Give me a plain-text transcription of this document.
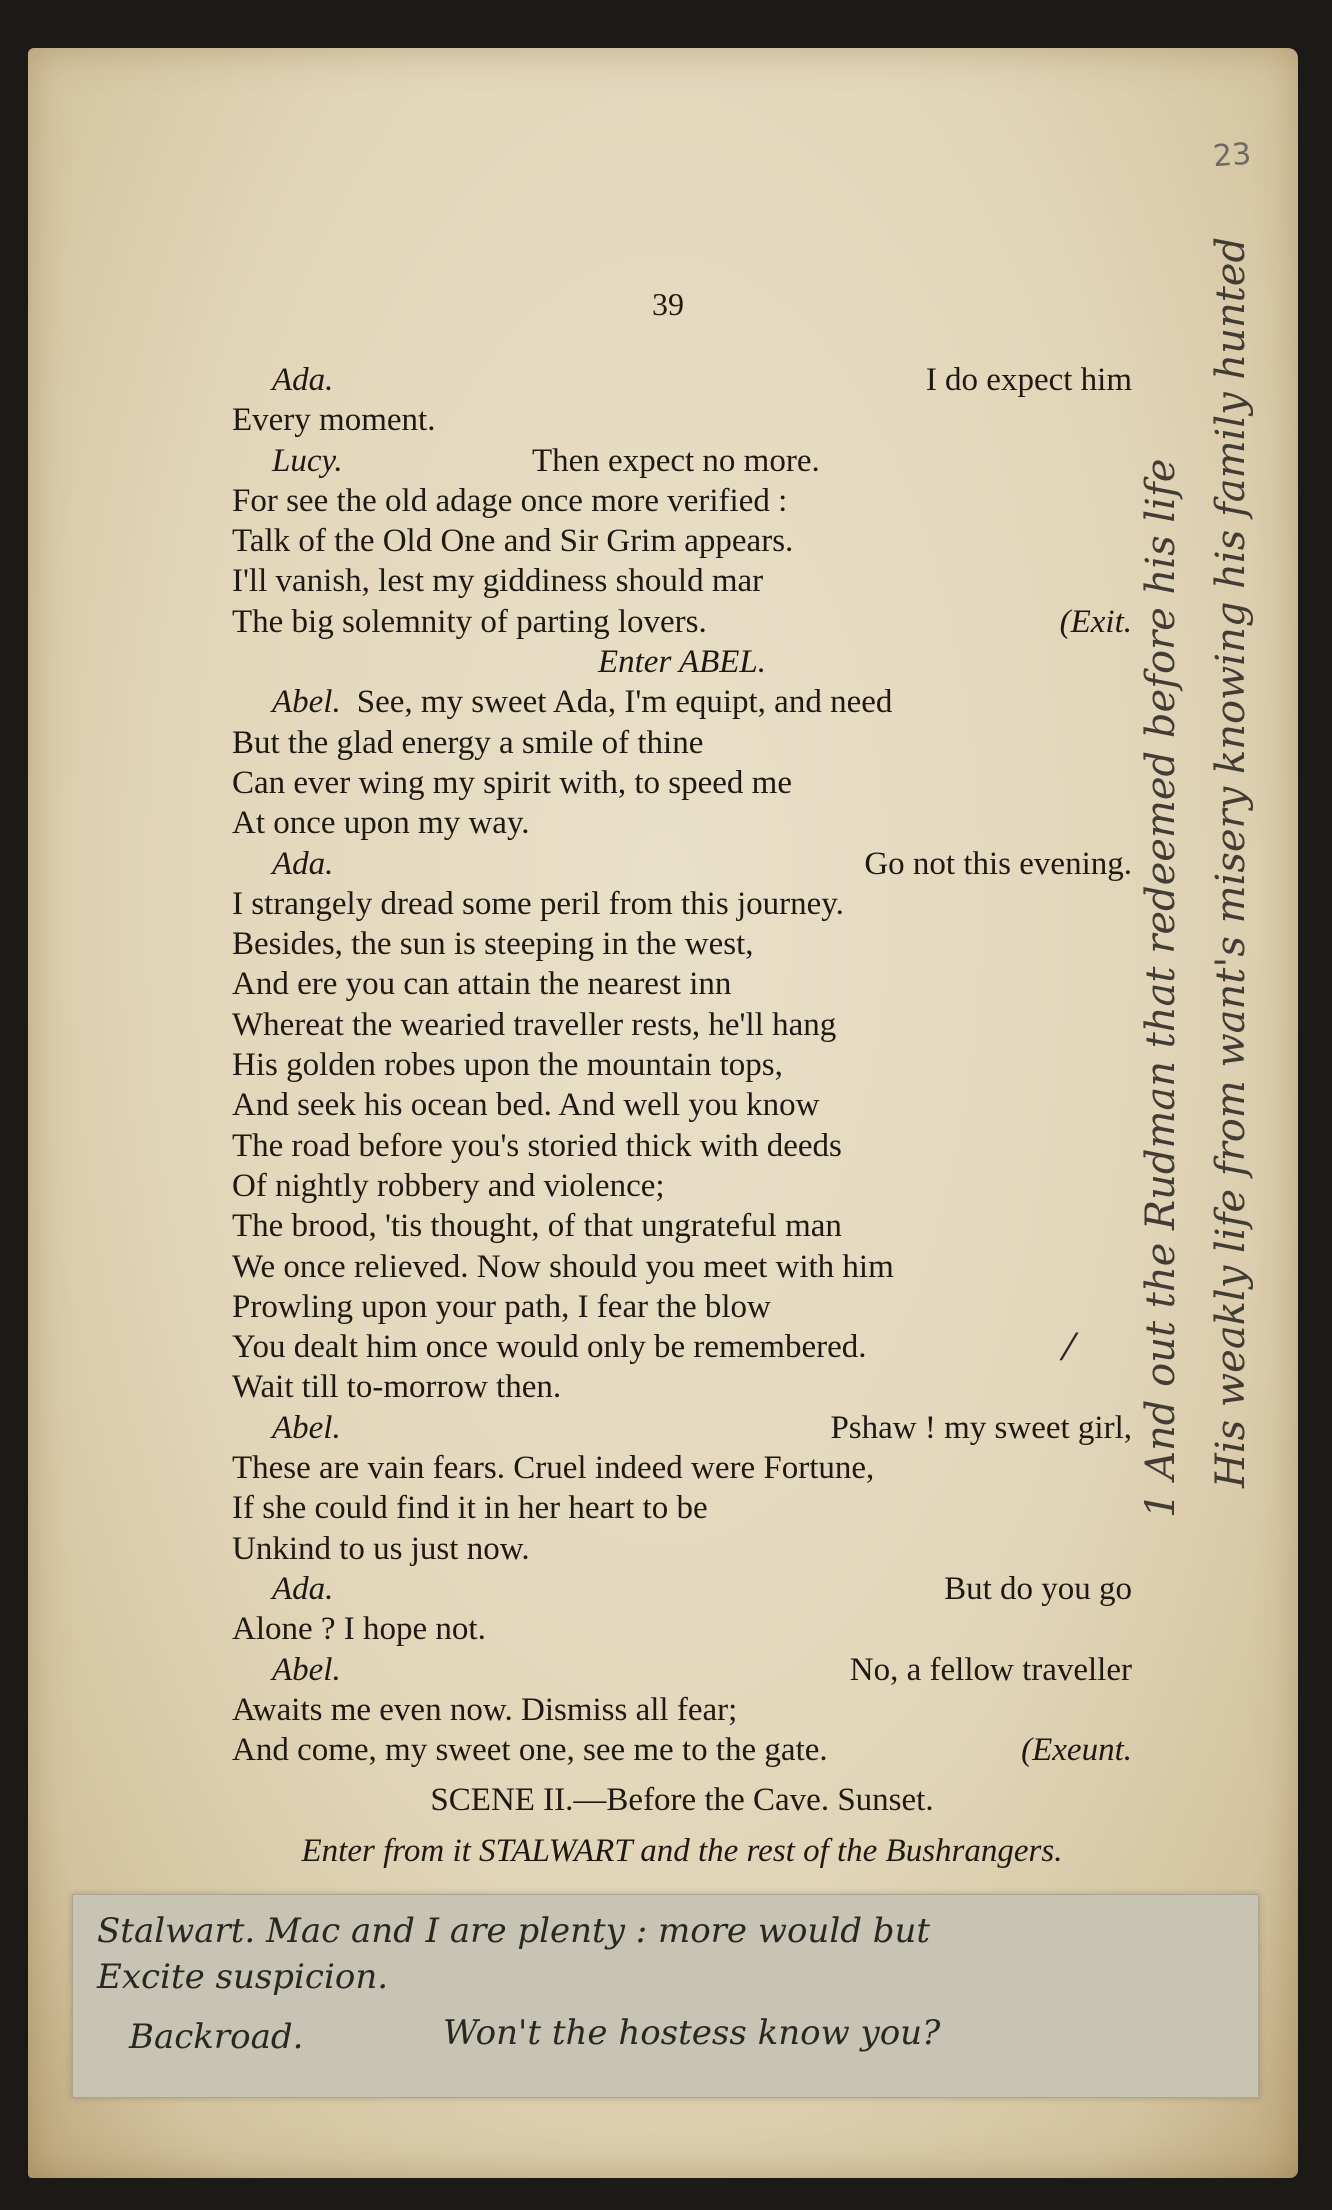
23
39
Ada.	I do expect him
Every moment.
Lucy.	Then expect no more.
For see the old adage once more verified :
Talk of the Old One and Sir Grim appears.
I'll vanish, lest my giddiness should mar
The big solemnity of parting lovers.	(Exit.
Enter ABEL.
Abel. See, my sweet Ada, I'm equipt, and need
But the glad energy a smile of thine
Can ever wing my spirit with, to speed me
At once upon my way.
Ada.	Go not this evening.
I strangely dread some peril from this journey.
Besides, the sun is steeping in the west,
And ere you can attain the nearest inn
Whereat the wearied traveller rests, he'll hang
His golden robes upon the mountain tops,
And seek his ocean bed. And well you know
The road before you's storied thick with deeds
Of nightly robbery and violence;
The brood, 'tis thought, of that ungrateful man
We once relieved. Now should you meet with him
Prowling upon your path, I fear the blow
You dealt him once would only be remembered.
Wait till to-morrow then.
Abel.	Pshaw ! my sweet girl,
These are vain fears. Cruel indeed were Fortune,
If she could find it in her heart to be
Unkind to us just now.
Ada.	But do you go
Alone ? I hope not.
Abel.	No, a fellow traveller
Awaits me even now. Dismiss all fear;
And come, my sweet one, see me to the gate.	(Exeunt.
SCENE II.—Before the Cave. Sunset.
Enter from it STALWART and the rest of the Bushrangers.
1 And out the Rudman that redeemed before his life His weakly life from want's misery knowing his family hunted
⁄
Stalwart. Mac and I are plenty : more would but
Excite suspicion.
Backroad.	Won't the hostess know you?
